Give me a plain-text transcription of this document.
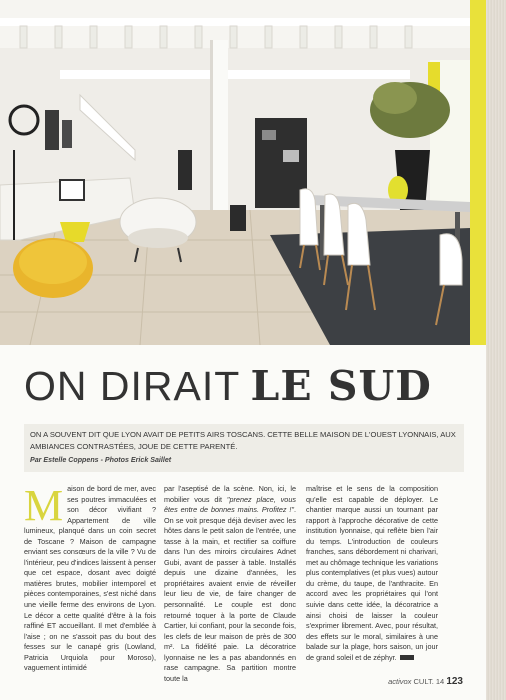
ON DIRAIT LE SUD

ON A SOUVENT DIT QUE LYON AVAIT DE PETITS AIRS TOSCANS. CETTE BELLE MAISON DE L'OUEST LYONNAIS, AUX AMBIANCES CONTRASTÉES, JOUE DE CETTE PARENTÉ.

Par Estelle Coppens - Photos Erick Saillet

Maison de bord de mer, avec ses poutres immaculées et son décor vivifiant ? Appartement de ville lumineux, planqué dans un coin secret de Toscane ? Maison de campagne enviant ses consœurs de la ville ? Vu de l'intérieur, peu d'indices laissent à penser que cet espace, dosant avec doigté matières brutes, mobilier intemporel et pièces contemporaines, s'est niché dans une vieille ferme des environs de Lyon. Le décor a cette qualité d'être à la fois raffiné ET accueillant. Il met d'emblée à l'aise ; on ne s'assoit pas du bout des fesses sur le canapé gris (Lowland, Patricia Urquiola pour Moroso), vaguement intimidé

par l'aseptisé de la scène. Non, ici, le mobilier vous dit "prenez place, vous êtes entre de bonnes mains. Profitez !". On se voit presque déjà deviser avec les hôtes dans le petit salon de l'entrée, une tasse à la main, et rectifier sa coiffure dans l'un des miroirs circulaires Adnet Gubi, avant de passer à table. Installés depuis une dizaine d'années, les propriétaires avaient envie de réveiller leur lieu de vie, de faire changer de personnalité. Le couple est donc retourné toquer à la porte de Claude Cartier, lui confiant, pour la seconde fois, les clefs de leur maison de près de 300 m². La fidélité paie. La décoratrice lyonnaise ne les a pas abandonnés en rase campagne. Sa partition montre toute la

maîtrise et le sens de la composition qu'elle est capable de déployer. Le chantier marque aussi un tournant par rapport à l'approche décorative de cette institution lyonnaise, qui reflète bien l'air du temps. L'introduction de couleurs franches, sans débordement ni charivari, met au chômage technique les variations plus contemplatives (et plus vues) autour du crème, du taupe, de l'anthracite. En accord avec les propriétaires qui l'ont suivie dans cette idée, la décoratrice a ainsi choisi de laisser la couleur s'exprimer librement. Avec, pour résultat, des effets sur le moral, similaires à une balade sur la plage, hors saison, un jour de grand soleil et de zéphyr.

activox CULT. 14 123
